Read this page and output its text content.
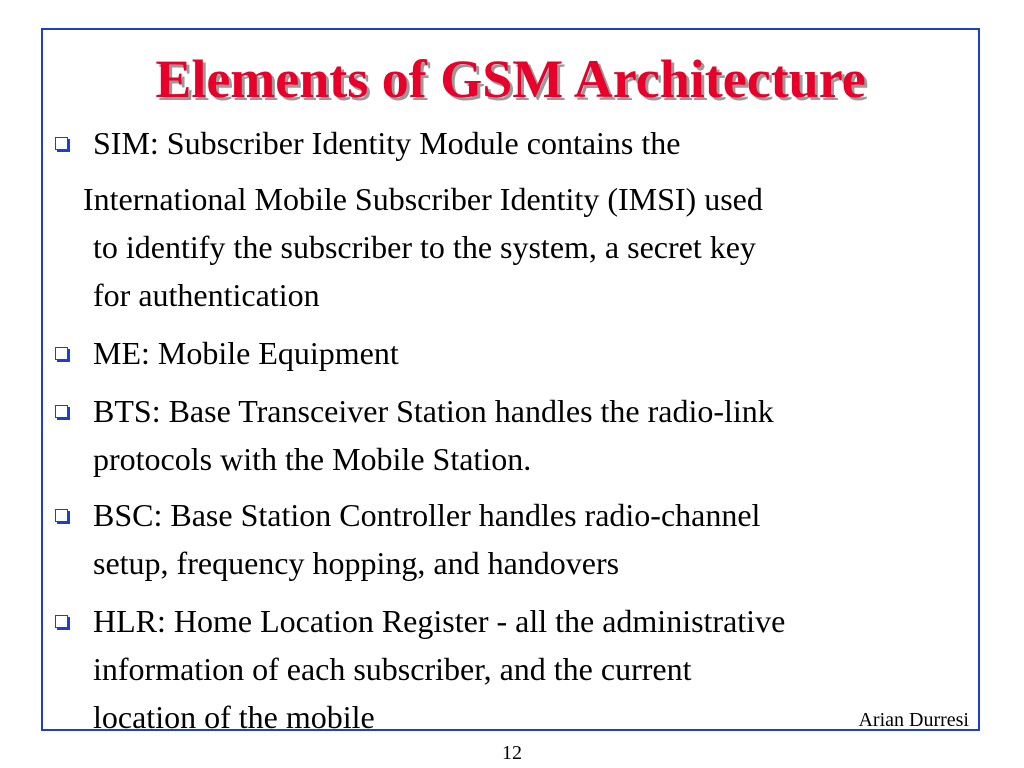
Elements of GSM Architecture
SIM: Subscriber Identity Module contains the
International Mobile Subscriber Identity (IMSI) used
to identify the subscriber to the system, a secret key
for authentication
ME: Mobile Equipment
BTS: Base Transceiver Station handles the radio-link
protocols with the Mobile Station.
BSC: Base Station Controller handles radio-channel
setup, frequency hopping, and handovers
HLR: Home Location Register - all the administrative
information of each subscriber, and the current
location of the mobile	Arian Durresi
12
